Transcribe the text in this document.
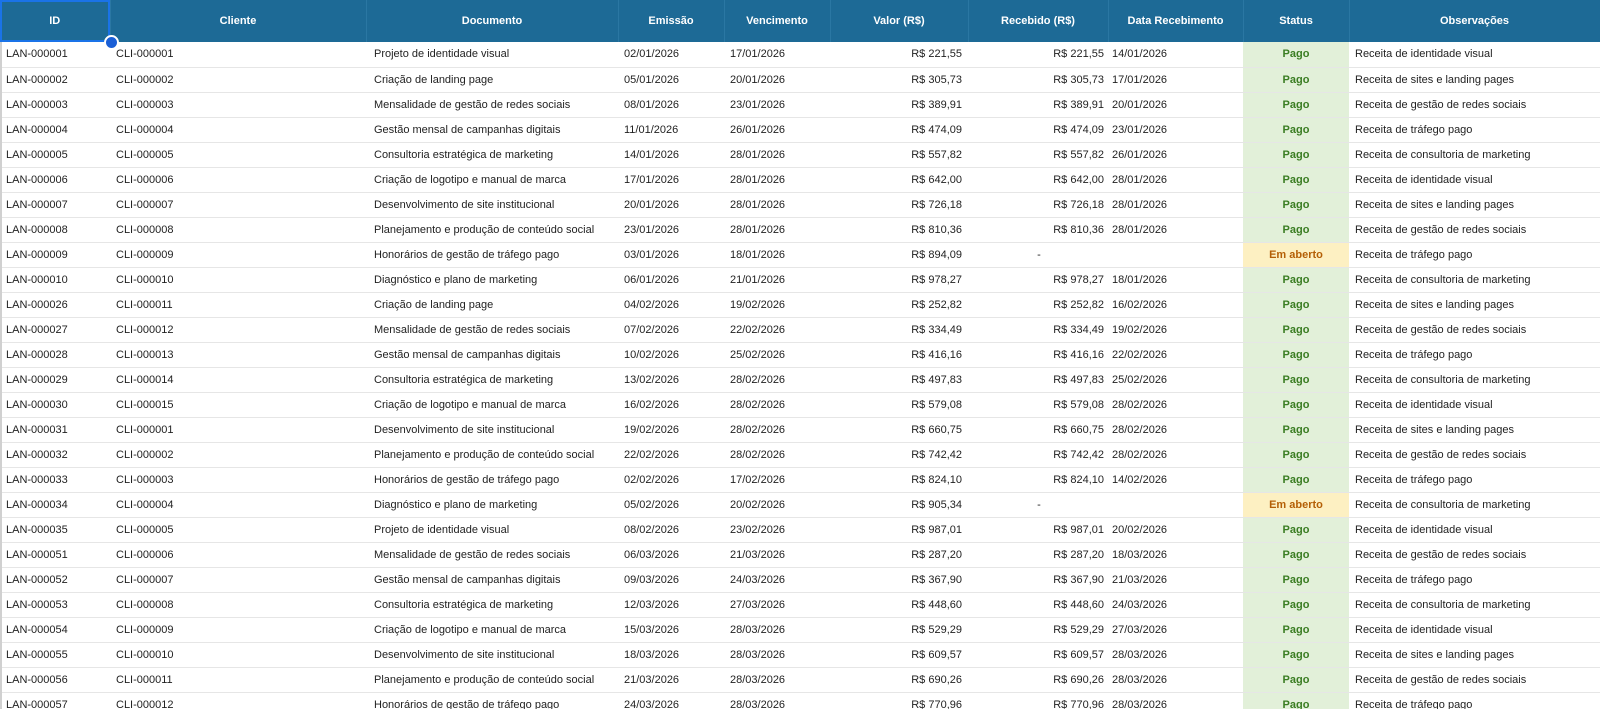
ID	Cliente	Documento	Emissão	Vencimento	Valor (R$)	Recebido (R$)	Data Recebimento	Status	Observações
LAN-000001	CLI-000001	Projeto de identidade visual	02/01/2026	17/01/2026	R$ 221,55	R$ 221,55	14/01/2026	Pago	Receita de identidade visual
LAN-000002	CLI-000002	Criação de landing page	05/01/2026	20/01/2026	R$ 305,73	R$ 305,73	17/01/2026	Pago	Receita de sites e landing pages
LAN-000003	CLI-000003	Mensalidade de gestão de redes sociais	08/01/2026	23/01/2026	R$ 389,91	R$ 389,91	20/01/2026	Pago	Receita de gestão de redes sociais
LAN-000004	CLI-000004	Gestão mensal de campanhas digitais	11/01/2026	26/01/2026	R$ 474,09	R$ 474,09	23/01/2026	Pago	Receita de tráfego pago
LAN-000005	CLI-000005	Consultoria estratégica de marketing	14/01/2026	28/01/2026	R$ 557,82	R$ 557,82	26/01/2026	Pago	Receita de consultoria de marketing
LAN-000006	CLI-000006	Criação de logotipo e manual de marca	17/01/2026	28/01/2026	R$ 642,00	R$ 642,00	28/01/2026	Pago	Receita de identidade visual
LAN-000007	CLI-000007	Desenvolvimento de site institucional	20/01/2026	28/01/2026	R$ 726,18	R$ 726,18	28/01/2026	Pago	Receita de sites e landing pages
LAN-000008	CLI-000008	Planejamento e produção de conteúdo social	23/01/2026	28/01/2026	R$ 810,36	R$ 810,36	28/01/2026	Pago	Receita de gestão de redes sociais
LAN-000009	CLI-000009	Honorários de gestão de tráfego pago	03/01/2026	18/01/2026	R$ 894,09	-		Em aberto	Receita de tráfego pago
LAN-000010	CLI-000010	Diagnóstico e plano de marketing	06/01/2026	21/01/2026	R$ 978,27	R$ 978,27	18/01/2026	Pago	Receita de consultoria de marketing
LAN-000026	CLI-000011	Criação de landing page	04/02/2026	19/02/2026	R$ 252,82	R$ 252,82	16/02/2026	Pago	Receita de sites e landing pages
LAN-000027	CLI-000012	Mensalidade de gestão de redes sociais	07/02/2026	22/02/2026	R$ 334,49	R$ 334,49	19/02/2026	Pago	Receita de gestão de redes sociais
LAN-000028	CLI-000013	Gestão mensal de campanhas digitais	10/02/2026	25/02/2026	R$ 416,16	R$ 416,16	22/02/2026	Pago	Receita de tráfego pago
LAN-000029	CLI-000014	Consultoria estratégica de marketing	13/02/2026	28/02/2026	R$ 497,83	R$ 497,83	25/02/2026	Pago	Receita de consultoria de marketing
LAN-000030	CLI-000015	Criação de logotipo e manual de marca	16/02/2026	28/02/2026	R$ 579,08	R$ 579,08	28/02/2026	Pago	Receita de identidade visual
LAN-000031	CLI-000001	Desenvolvimento de site institucional	19/02/2026	28/02/2026	R$ 660,75	R$ 660,75	28/02/2026	Pago	Receita de sites e landing pages
LAN-000032	CLI-000002	Planejamento e produção de conteúdo social	22/02/2026	28/02/2026	R$ 742,42	R$ 742,42	28/02/2026	Pago	Receita de gestão de redes sociais
LAN-000033	CLI-000003	Honorários de gestão de tráfego pago	02/02/2026	17/02/2026	R$ 824,10	R$ 824,10	14/02/2026	Pago	Receita de tráfego pago
LAN-000034	CLI-000004	Diagnóstico e plano de marketing	05/02/2026	20/02/2026	R$ 905,34	-		Em aberto	Receita de consultoria de marketing
LAN-000035	CLI-000005	Projeto de identidade visual	08/02/2026	23/02/2026	R$ 987,01	R$ 987,01	20/02/2026	Pago	Receita de identidade visual
LAN-000051	CLI-000006	Mensalidade de gestão de redes sociais	06/03/2026	21/03/2026	R$ 287,20	R$ 287,20	18/03/2026	Pago	Receita de gestão de redes sociais
LAN-000052	CLI-000007	Gestão mensal de campanhas digitais	09/03/2026	24/03/2026	R$ 367,90	R$ 367,90	21/03/2026	Pago	Receita de tráfego pago
LAN-000053	CLI-000008	Consultoria estratégica de marketing	12/03/2026	27/03/2026	R$ 448,60	R$ 448,60	24/03/2026	Pago	Receita de consultoria de marketing
LAN-000054	CLI-000009	Criação de logotipo e manual de marca	15/03/2026	28/03/2026	R$ 529,29	R$ 529,29	27/03/2026	Pago	Receita de identidade visual
LAN-000055	CLI-000010	Desenvolvimento de site institucional	18/03/2026	28/03/2026	R$ 609,57	R$ 609,57	28/03/2026	Pago	Receita de sites e landing pages
LAN-000056	CLI-000011	Planejamento e produção de conteúdo social	21/03/2026	28/03/2026	R$ 690,26	R$ 690,26	28/03/2026	Pago	Receita de gestão de redes sociais
LAN-000057	CLI-000012	Honorários de gestão de tráfego pago	24/03/2026	28/03/2026	R$ 770,96	R$ 770,96	28/03/2026	Pago	Receita de tráfego pago
